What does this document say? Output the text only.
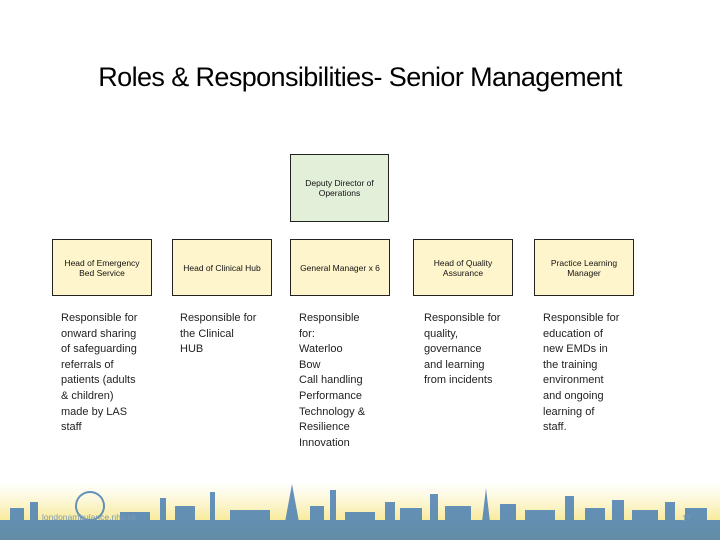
Roles & Responsibilities- Senior Management
Deputy Director of Operations
Head of Emergency Bed Service	Head of Clinical Hub	General Manager x 6	Head of Quality Assurance
Practice Learning Manager
Responsible for
onward sharing
of safeguarding
referrals of
patients (adults
& children)
made by LAS
staff
Responsible for
the Clinical
HUB
Responsible
for:
Waterloo
Bow
Call handling
Performance
Technology &
Resilience
Innovation
Responsible for
quality,
governance
and learning
from incidents
Responsible for
education of
new EMDs in
the training
environment
and ongoing
learning of
staff.
londonambulance.nhs.uk	17
